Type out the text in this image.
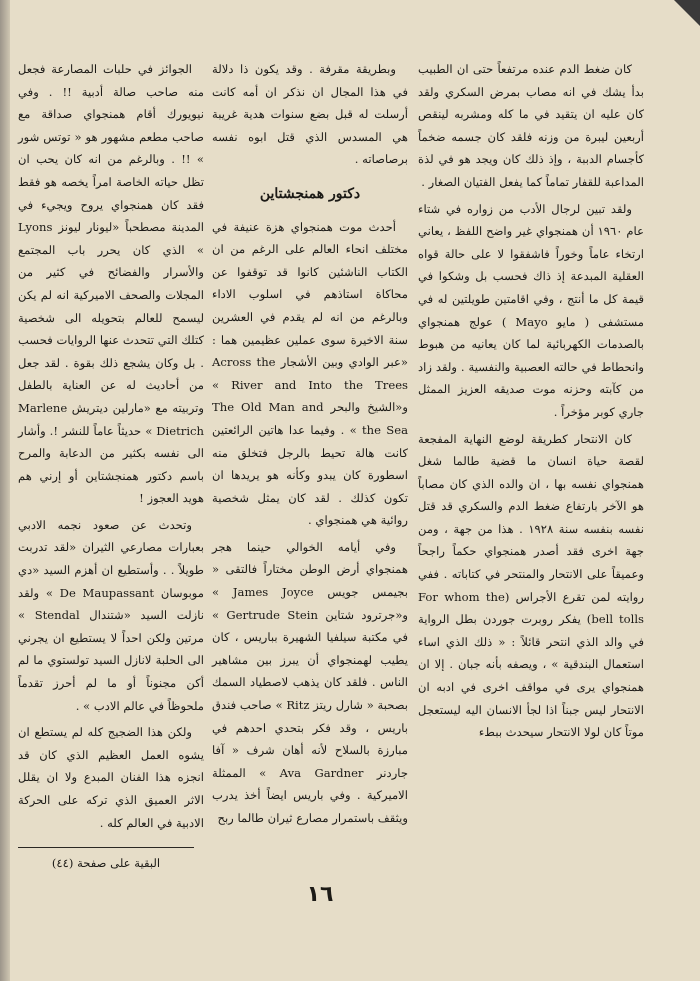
كان ضغط الدم عنده مرتفعاً حتى ان الطبيب بدأ يشك في انه مصاب بمرض السكري ولقد كان عليه ان يتقيد في ما كله ومشربه لينقص أربعين ليبرة من وزنه فلقد كان جسمه ضخماً كأجسام الدببة ، وإذ ذلك كان ويجد هو في لذة المداعبة للقفار تماماً كما يفعل الفتيان الصغار .

ولقد تبين لرجال الأدب من زواره في شتاء عام ١٩٦٠ أن همنجواي غير واضح اللفظ ، يعاني ارتخاء عاماً وخوراً فاشفقوا لا على حالة قواه العقلية المبدعة إذ ذاك فحسب بل وشكوا في قيمة كل ما أنتج ، وفي اقامتين طويلتين له في مستشفى ( مايو Mayo ) عولج همنجواي بالصدمات الكهربائية لما كان يعانيه من هبوط وانحطاط في حالته العصبية والنفسية . ولقد زاد من كآبته وحزنه موت صديقه العزيز الممثل جاري كوبر مؤخراً .

كان الانتحار كطريقة لوضع النهاية المفجعة لقصة حياة انسان ما قضية طالما شغل همنجواي نفسه بها ، ان والده الذي كان مصاباً هو الآخر بارتفاع ضغط الدم والسكري قد قتل نفسه بنفسه سنة ١٩٢٨ . هذا من جهة ، ومن جهة اخرى فقد أصدر همنجواي حكماً راجحاً وعميقاً على الانتحار والمنتحر في كتاباته . ففي روايته لمن تقرع الأجراس (For whom the bell tolls) يفكر روبرت جوردن بطل الرواية في والد الذي انتحر قائلاً : « ذلك الذي اساء استعمال البندقية » ، ويصفه بأنه جبان . إلا ان همنجواي يرى في مواقف اخرى في ادبه ان الانتحار ليس جبناً اذا لجأ الانسان اليه ليستعجل موتاً كان لولا الانتحار سيحدث ببطء

وبطريقة مقرفة . وقد يكون ذا دلالة في هذا المجال ان نذكر ان أمه كانت أرسلت له قبل بضع سنوات هدية غريبة هي المسدس الذي قتل ابوه نفسه برصاصاته .

دكتور همنجشتاين

أحدث موت همنجواي هزة عنيفة في مختلف انحاء العالم على الرغم من ان الكتاب الناشئين كانوا قد توقفوا عن محاكاة استاذهم في اسلوب الاداء وبالرغم من انه لم يقدم في العشرين سنة الاخيرة سوى عملين عظيمين هما : «عبر الوادي وبين الأشجار Across the River and Into the Trees » و«الشيخ والبحر The Old Man and the Sea » . وفيما عدا هاتين الرائعتين كانت هالة تحيط بالرجل فتخلق منه اسطورة كان يبدو وكأنه هو يريدها ان تكون كذلك . لقد كان يمثل شخصية روائية هي همنجواي .

وفي أيامه الخوالي حينما هجر همنجواي أرض الوطن مختاراً فالتقى « بجيمس جويس James Joyce » و«جرترود شتاين Gertrude Stein » في مكتبة سيلفيا الشهيرة بباريس ، كان يطيب لهمنجواي أن يبرز بين مشاهير الناس . فلقد كان يذهب لاصطياد السمك بصحبة « شارل ريتز Ritz » صاحب فندق باريس ، وقد فكر بتحدي احدهم في مبارزة بالسلاح لأنه أهان شرف « آفا جاردنر Ava Gardner » الممثلة الاميركية . وفي باريس ايضاً أخذ يدرب ويثقف باستمرار مصارع ثيران طالما ربح

الجوائز في حلبات المصارعة فجعل منه صاحب صالة أدبية !! . وفي نيويورك أقام همنجواي صداقة مع صاحب مطعم مشهور هو « توتس شور » !! . وبالرغم من انه كان يحب ان تظل حياته الخاصة امراً يخصه هو فقط فقد كان همنجواي يروح ويجيء في المدينة مصطحباً «ليونار ليونز Lyons » الذي كان يحرر باب المجتمع والأسرار والفضائح في كثير من المجلات والصحف الاميركية انه لم يكن ليسمح للعالم بتحويله الى شخصية كتلك التي تتحدث عنها الروايات فحسب . بل وكان يشجع ذلك بقوة . لقد جعل من أحاديث له عن العناية بالطفل وتربيته مع «مارلين ديتريش Marlene Dietrich » حديثاً عاماً للنشر !. وأشار الى نفسه بكثير من الدعابة والمرح باسم دكتور همنجشتاين أو إرني هم هويد العجوز !

وتحدث عن صعود نجمه الادبي بعبارات مصارعي الثيران «لقد تدربت طويلاً . . وأستطيع ان أهزم السيد «دي موبوسان De Maupassant » ولقد نازلت السيد «شتندال Stendal » مرتين ولكن احداً لا يستطيع ان يجرني الى الحلبة لانازل السيد تولستوي ما لم أكن مجنوناً أو ما لم أحرز تقدماً ملحوظاً في عالم الادب » .

ولكن هذا الضجيج كله لم يستطع ان يشوه العمل العظيم الذي كان قد انجزه هذا الفنان المبدع ولا ان يقلل الاثر العميق الذي تركه على الحركة الادبية في العالم كله .

البقية على صفحة (٤٤)
١٦
